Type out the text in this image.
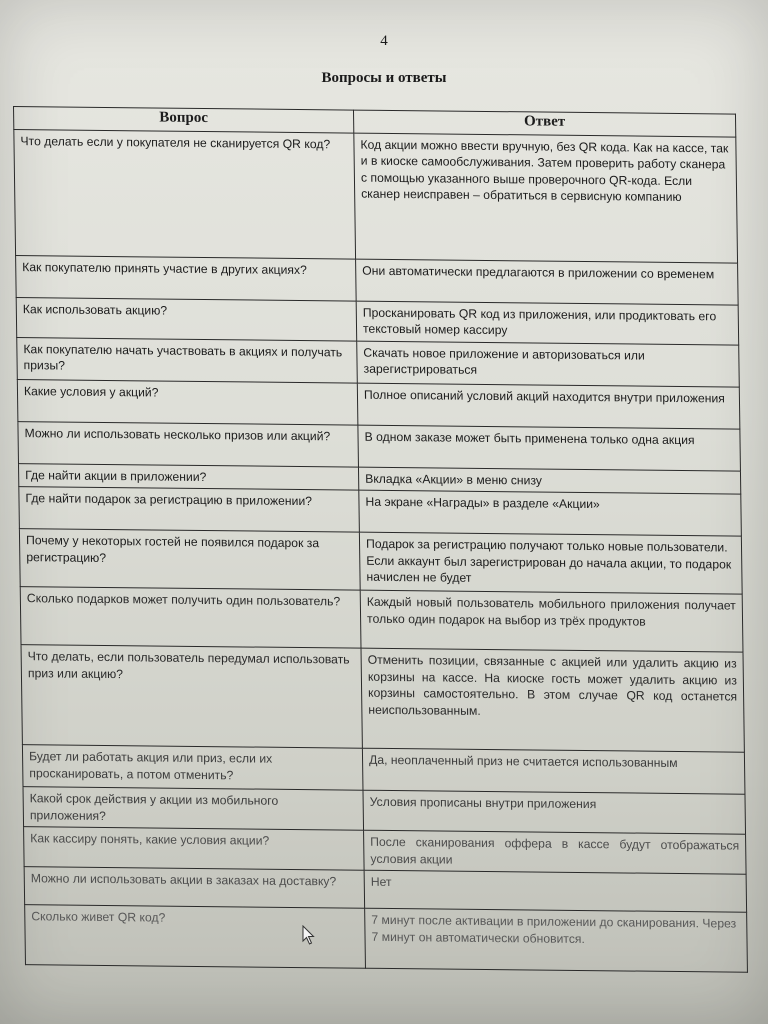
4
Вопросы и ответы
Вопрос	Ответ
Что делать если у покупателя не сканируется QR код?	Код акции можно ввести вручную, без QR кода. Как на кассе, так и в киоске самообслуживания. Затем проверить работу сканера с помощью указанного выше проверочного QR-кода. Если сканер неисправен – обратиться в сервисную компанию
Как покупателю принять участие в других акциях?	Они автоматически предлагаются в приложении со временем
Как использовать акцию?	Просканировать QR код из приложения, или продиктовать его текстовый номер кассиру
Как покупателю начать участвовать в акциях и получать призы?	Скачать новое приложение и авторизоваться или зарегистрироваться
Какие условия у акций?	Полное описаний условий акций находится внутри приложения
Можно ли использовать несколько призов или акций?	В одном заказе может быть применена только одна акция
Где найти акции в приложении?	Вкладка «Акции» в меню снизу
Где найти подарок за регистрацию в приложении?	На экране «Награды» в разделе «Акции»
Почему у некоторых гостей не появился подарок за регистрацию?	Подарок за регистрацию получают только новые пользователи. Если аккаунт был зарегистрирован до начала акции, то подарок начислен не будет
Сколько подарков может получить один пользователь?	Каждый новый пользователь мобильного приложения получает только один подарок на выбор из трёх продуктов
Что делать, если пользователь передумал использовать приз или акцию?	Отменить позиции, связанные с акцией или удалить акцию из корзины на кассе. На киоске гость может удалить акцию из корзины самостоятельно. В этом случае QR код останется неиспользованным.
Будет ли работать акция или приз, если их просканировать, а потом отменить?	Да, неоплаченный приз не считается использованным
Какой срок действия у акции из мобильного приложения?	Условия прописаны внутри приложения
Как кассиру понять, какие условия акции?	После сканирования оффера в кассе будут отображаться условия акции
Можно ли использовать акции в заказах на доставку?	Нет
Сколько живет QR код?	7 минут после активации в приложении до сканирования. Через 7 минут он автоматически обновится.
